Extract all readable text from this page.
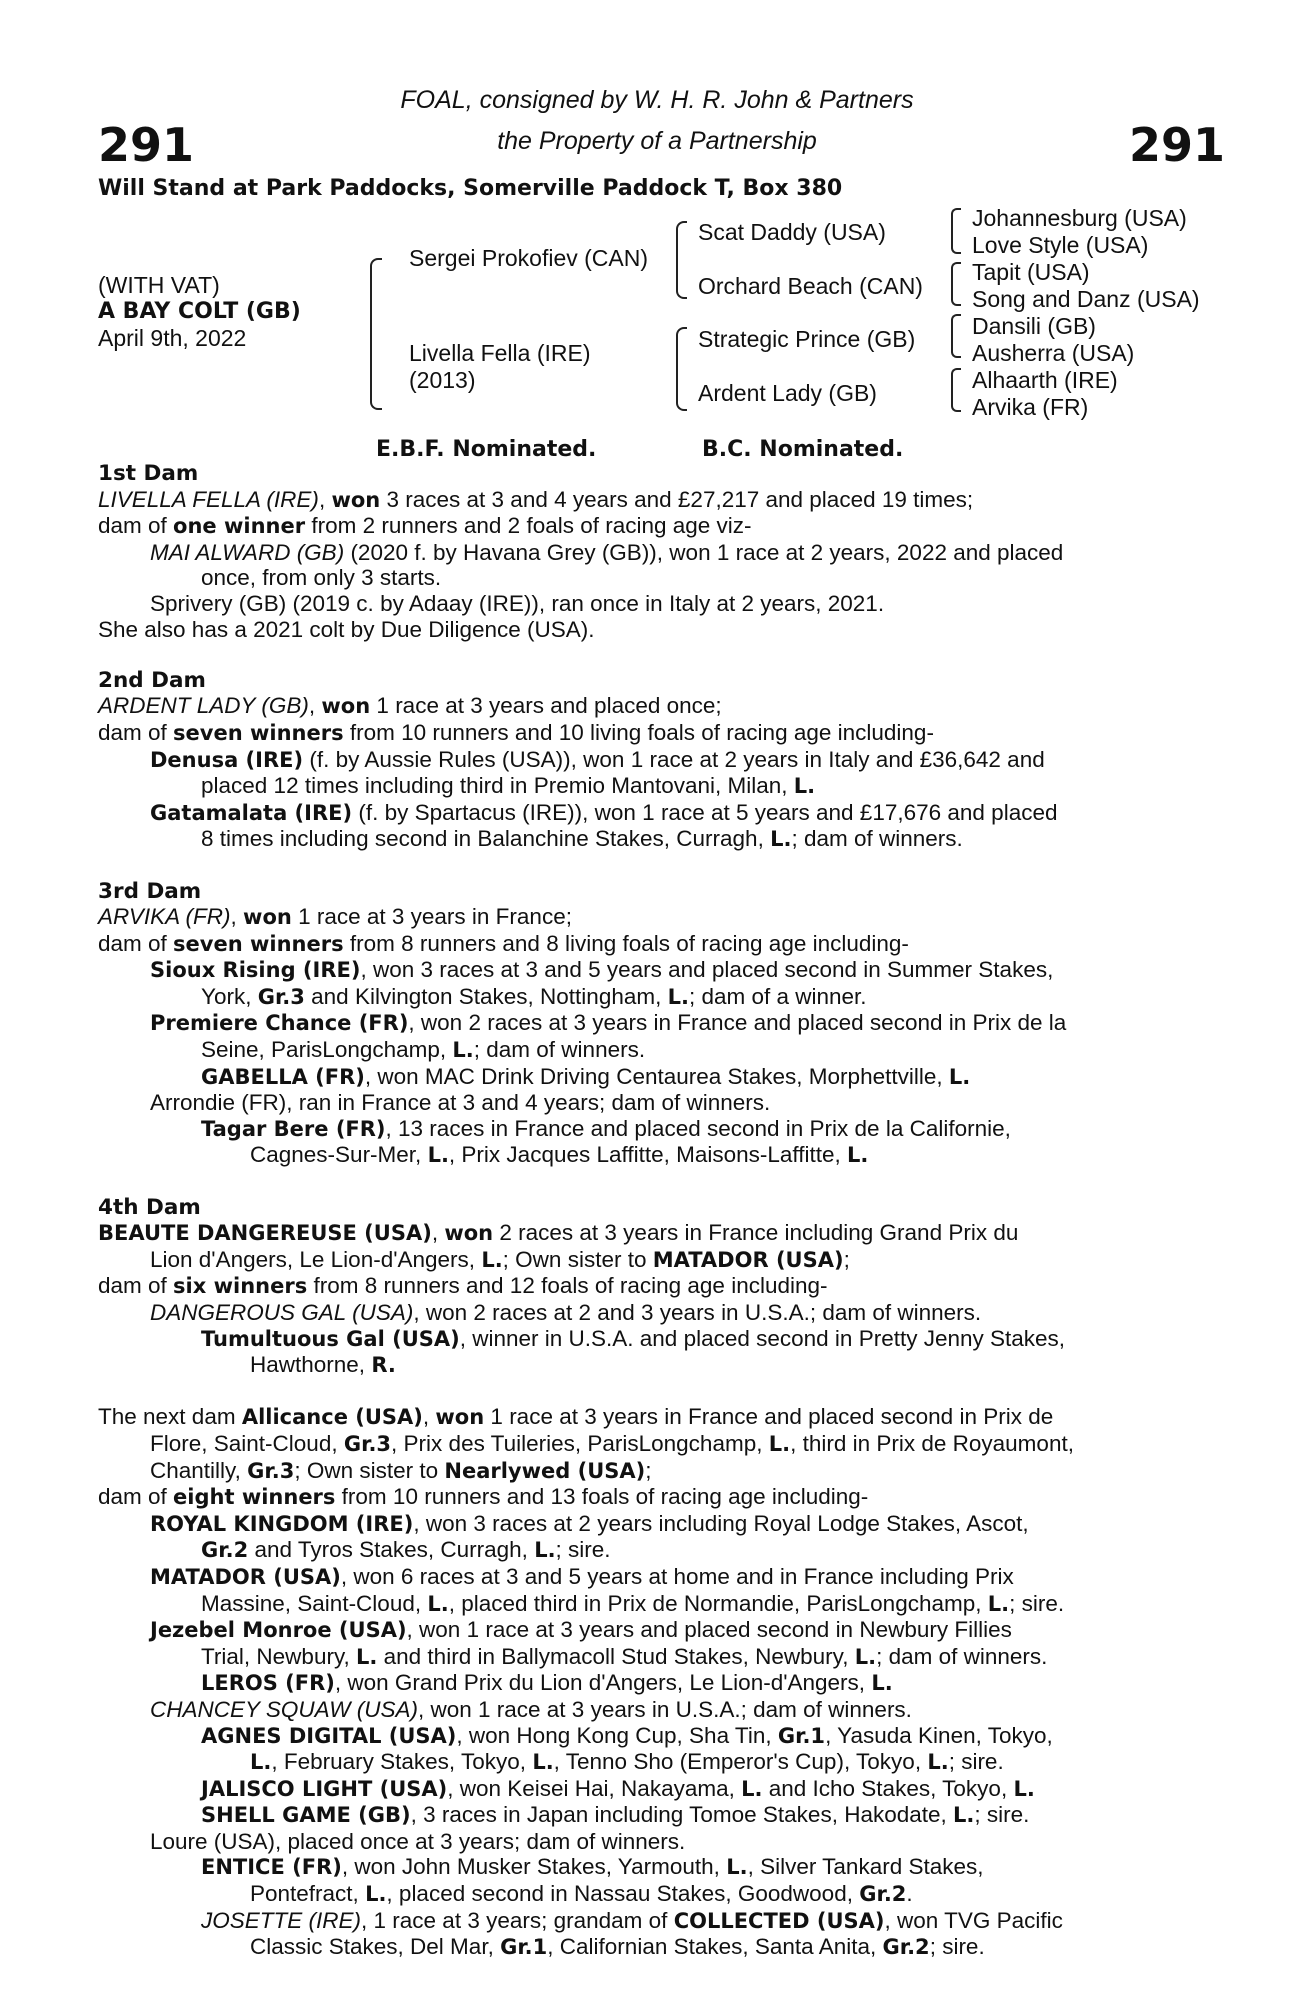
291	291
FOAL, consigned by W. H. R. John & Partners
the Property of a Partnership
Will Stand at Park Paddocks, Somerville Paddock T, Box 380
(WITH VAT)
A BAY COLT (GB)
April 9th, 2022
Sergei Prokofiev (CAN)
Livella Fella (IRE)
(2013)
Scat Daddy (USA)
Orchard Beach (CAN)
Strategic Prince (GB)
Ardent Lady (GB)
Johannesburg (USA)
Love Style (USA)
Tapit (USA)
Song and Danz (USA)
Dansili (GB)
Ausherra (USA)
Alhaarth (IRE)
Arvika (FR)
E.B.F. Nominated.	B.C. Nominated.
1st Dam
LIVELLA FELLA (IRE), won 3 races at 3 and 4 years and £27,217 and placed 19 times;
dam of one winner from 2 runners and 2 foals of racing age viz-
MAI ALWARD (GB) (2020 f. by Havana Grey (GB)), won 1 race at 2 years, 2022 and placed
once, from only 3 starts.
Sprivery (GB) (2019 c. by Adaay (IRE)), ran once in Italy at 2 years, 2021.
She also has a 2021 colt by Due Diligence (USA).
2nd Dam
ARDENT LADY (GB), won 1 race at 3 years and placed once;
dam of seven winners from 10 runners and 10 living foals of racing age including-
Denusa (IRE) (f. by Aussie Rules (USA)), won 1 race at 2 years in Italy and £36,642 and
placed 12 times including third in Premio Mantovani, Milan, L.
Gatamalata (IRE) (f. by Spartacus (IRE)), won 1 race at 5 years and £17,676 and placed
8 times including second in Balanchine Stakes, Curragh, L.; dam of winners.
3rd Dam
ARVIKA (FR), won 1 race at 3 years in France;
dam of seven winners from 8 runners and 8 living foals of racing age including-
Sioux Rising (IRE), won 3 races at 3 and 5 years and placed second in Summer Stakes,
York, Gr.3 and Kilvington Stakes, Nottingham, L.; dam of a winner.
Premiere Chance (FR), won 2 races at 3 years in France and placed second in Prix de la
Seine, ParisLongchamp, L.; dam of winners.
GABELLA (FR), won MAC Drink Driving Centaurea Stakes, Morphettville, L.
Arrondie (FR), ran in France at 3 and 4 years; dam of winners.
Tagar Bere (FR), 13 races in France and placed second in Prix de la Californie,
Cagnes-Sur-Mer, L., Prix Jacques Laffitte, Maisons-Laffitte, L.
4th Dam
BEAUTE DANGEREUSE (USA), won 2 races at 3 years in France including Grand Prix du
Lion d'Angers, Le Lion-d'Angers, L.; Own sister to MATADOR (USA);
dam of six winners from 8 runners and 12 foals of racing age including-
DANGEROUS GAL (USA), won 2 races at 2 and 3 years in U.S.A.; dam of winners.
Tumultuous Gal (USA), winner in U.S.A. and placed second in Pretty Jenny Stakes,
Hawthorne, R.
The next dam Allicance (USA), won 1 race at 3 years in France and placed second in Prix de
Flore, Saint-Cloud, Gr.3, Prix des Tuileries, ParisLongchamp, L., third in Prix de Royaumont,
Chantilly, Gr.3; Own sister to Nearlywed (USA);
dam of eight winners from 10 runners and 13 foals of racing age including-
ROYAL KINGDOM (IRE), won 3 races at 2 years including Royal Lodge Stakes, Ascot,
Gr.2 and Tyros Stakes, Curragh, L.; sire.
MATADOR (USA), won 6 races at 3 and 5 years at home and in France including Prix
Massine, Saint-Cloud, L., placed third in Prix de Normandie, ParisLongchamp, L.; sire.
Jezebel Monroe (USA), won 1 race at 3 years and placed second in Newbury Fillies
Trial, Newbury, L. and third in Ballymacoll Stud Stakes, Newbury, L.; dam of winners.
LEROS (FR), won Grand Prix du Lion d'Angers, Le Lion-d'Angers, L.
CHANCEY SQUAW (USA), won 1 race at 3 years in U.S.A.; dam of winners.
AGNES DIGITAL (USA), won Hong Kong Cup, Sha Tin, Gr.1, Yasuda Kinen, Tokyo,
L., February Stakes, Tokyo, L., Tenno Sho (Emperor's Cup), Tokyo, L.; sire.
JALISCO LIGHT (USA), won Keisei Hai, Nakayama, L. and Icho Stakes, Tokyo, L.
SHELL GAME (GB), 3 races in Japan including Tomoe Stakes, Hakodate, L.; sire.
Loure (USA), placed once at 3 years; dam of winners.
ENTICE (FR), won John Musker Stakes, Yarmouth, L., Silver Tankard Stakes,
Pontefract, L., placed second in Nassau Stakes, Goodwood, Gr.2.
JOSETTE (IRE), 1 race at 3 years; grandam of COLLECTED (USA), won TVG Pacific
Classic Stakes, Del Mar, Gr.1, Californian Stakes, Santa Anita, Gr.2; sire.
